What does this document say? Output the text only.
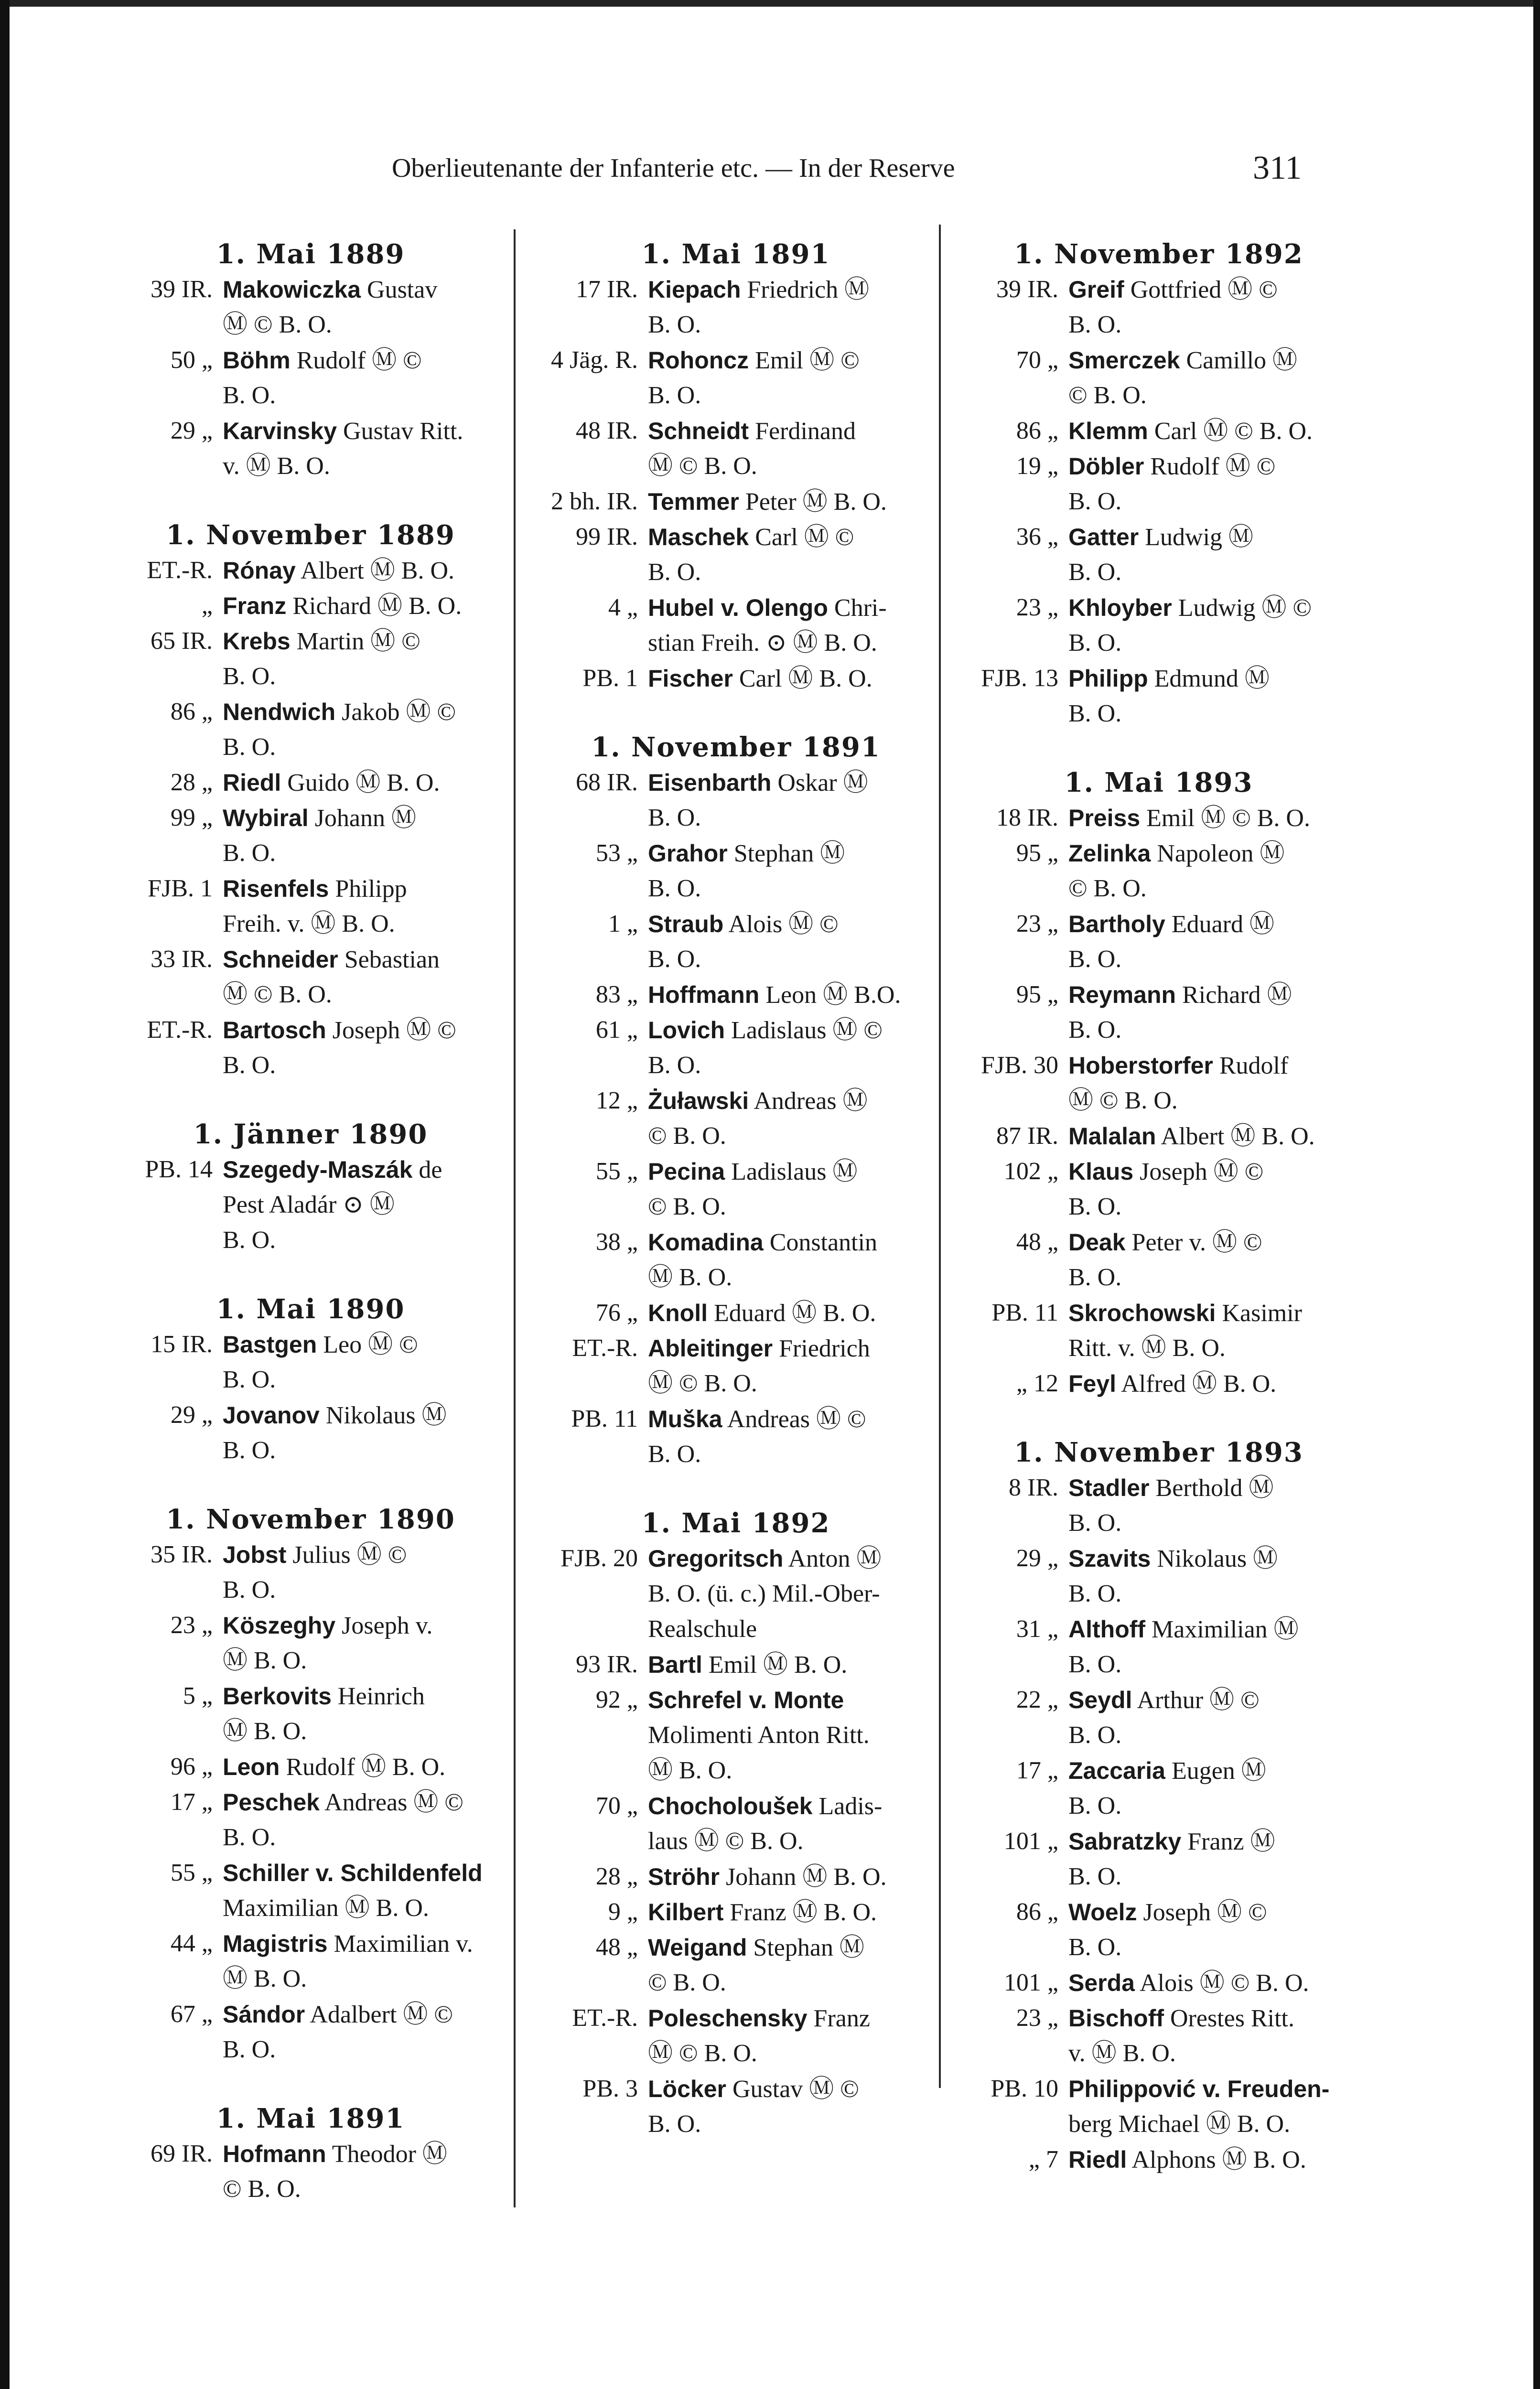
Oberlieutenante der Infanterie etc. — In der Reserve	311
1. Mai 1889
39 IR. Makowiczka Gustav
Ⓜ © B. O.
50 „ Böhm Rudolf Ⓜ ©
B. O.
29 „ Karvinsky Gustav Ritt.
v. Ⓜ B. O.
1. November 1889
ET.-R. Rónay Albert Ⓜ B. O.
„ Franz Richard Ⓜ B. O.
65 IR. Krebs Martin Ⓜ ©
B. O.
86 „ Nendwich Jakob Ⓜ ©
B. O.
28 „ Riedl Guido Ⓜ B. O.
99 „ Wybiral Johann Ⓜ
B. O.
FJB. 1 Risenfels Philipp
Freih. v. Ⓜ B. O.
33 IR. Schneider Sebastian
Ⓜ © B. O.
ET.-R. Bartosch Joseph Ⓜ ©
B. O.
1. Jänner 1890
PB. 14 Szegedy-Maszák de
Pest Aladár ⊙ Ⓜ
B. O.
1. Mai 1890
15 IR. Bastgen Leo Ⓜ ©
B. O.
29 „ Jovanov Nikolaus Ⓜ
B. O.
1. November 1890
35 IR. Jobst Julius Ⓜ ©
B. O.
23 „ Köszeghy Joseph v.
Ⓜ B. O.
5 „ Berkovits Heinrich
Ⓜ B. O.
96 „ Leon Rudolf Ⓜ B. O.
17 „ Peschek Andreas Ⓜ ©
B. O.
55 „ Schiller v. Schildenfeld
Maximilian Ⓜ B. O.
44 „ Magistris Maximilian v.
Ⓜ B. O.
67 „ Sándor Adalbert Ⓜ ©
B. O.
1. Mai 1891
69 IR. Hofmann Theodor Ⓜ
© B. O.
1. Mai 1891
17 IR. Kiepach Friedrich Ⓜ
B. O.
4 Jäg. R. Rohoncz Emil Ⓜ ©
B. O.
48 IR. Schneidt Ferdinand
Ⓜ © B. O.
2 bh. IR. Temmer Peter Ⓜ B. O.
99 IR. Maschek Carl Ⓜ ©
B. O.
4 „ Hubel v. Olengo Chri-
stian Freih. ⊙ Ⓜ B. O.
PB. 1 Fischer Carl Ⓜ B. O.
1. November 1891
68 IR. Eisenbarth Oskar Ⓜ
B. O.
53 „ Grahor Stephan Ⓜ
B. O.
1 „ Straub Alois Ⓜ ©
B. O.
83 „ Hoffmann Leon Ⓜ B.O.
61 „ Lovich Ladislaus Ⓜ ©
B. O.
12 „ Żuławski Andreas Ⓜ
© B. O.
55 „ Pecina Ladislaus Ⓜ
© B. O.
38 „ Komadina Constantin
Ⓜ B. O.
76 „ Knoll Eduard Ⓜ B. O.
ET.-R. Ableitinger Friedrich
Ⓜ © B. O.
PB. 11 Muška Andreas Ⓜ ©
B. O.
1. Mai 1892
FJB. 20 Gregoritsch Anton Ⓜ
B. O. (ü. c.) Mil.-Ober-
Realschule
93 IR. Bartl Emil Ⓜ B. O.
92 „ Schrefel v. Monte
Molimenti Anton Ritt.
Ⓜ B. O.
70 „ Chocholoušek Ladis-
laus Ⓜ © B. O.
28 „ Ströhr Johann Ⓜ B. O.
9 „ Kilbert Franz Ⓜ B. O.
48 „ Weigand Stephan Ⓜ
© B. O.
ET.-R. Poleschensky Franz
Ⓜ © B. O.
PB. 3 Löcker Gustav Ⓜ ©
B. O.
1. November 1892
39 IR. Greif Gottfried Ⓜ ©
B. O.
70 „ Smerczek Camillo Ⓜ
© B. O.
86 „ Klemm Carl Ⓜ © B. O.
19 „ Döbler Rudolf Ⓜ ©
B. O.
36 „ Gatter Ludwig Ⓜ
B. O.
23 „ Khloyber Ludwig Ⓜ ©
B. O.
FJB. 13 Philipp Edmund Ⓜ
B. O.
1. Mai 1893
18 IR. Preiss Emil Ⓜ © B. O.
95 „ Zelinka Napoleon Ⓜ
© B. O.
23 „ Bartholy Eduard Ⓜ
B. O.
95 „ Reymann Richard Ⓜ
B. O.
FJB. 30 Hoberstorfer Rudolf
Ⓜ © B. O.
87 IR. Malalan Albert Ⓜ B. O.
102 „ Klaus Joseph Ⓜ ©
B. O.
48 „ Deak Peter v. Ⓜ ©
B. O.
PB. 11 Skrochowski Kasimir
Ritt. v. Ⓜ B. O.
„ 12 Feyl Alfred Ⓜ B. O.
1. November 1893
8 IR. Stadler Berthold Ⓜ
B. O.
29 „ Szavits Nikolaus Ⓜ
B. O.
31 „ Althoff Maximilian Ⓜ
B. O.
22 „ Seydl Arthur Ⓜ ©
B. O.
17 „ Zaccaria Eugen Ⓜ
B. O.
101 „ Sabratzky Franz Ⓜ
B. O.
86 „ Woelz Joseph Ⓜ ©
B. O.
101 „ Serda Alois Ⓜ © B. O.
23 „ Bischoff Orestes Ritt.
v. Ⓜ B. O.
PB. 10 Philippović v. Freuden-
berg Michael Ⓜ B. O.
„ 7 Riedl Alphons Ⓜ B. O.
